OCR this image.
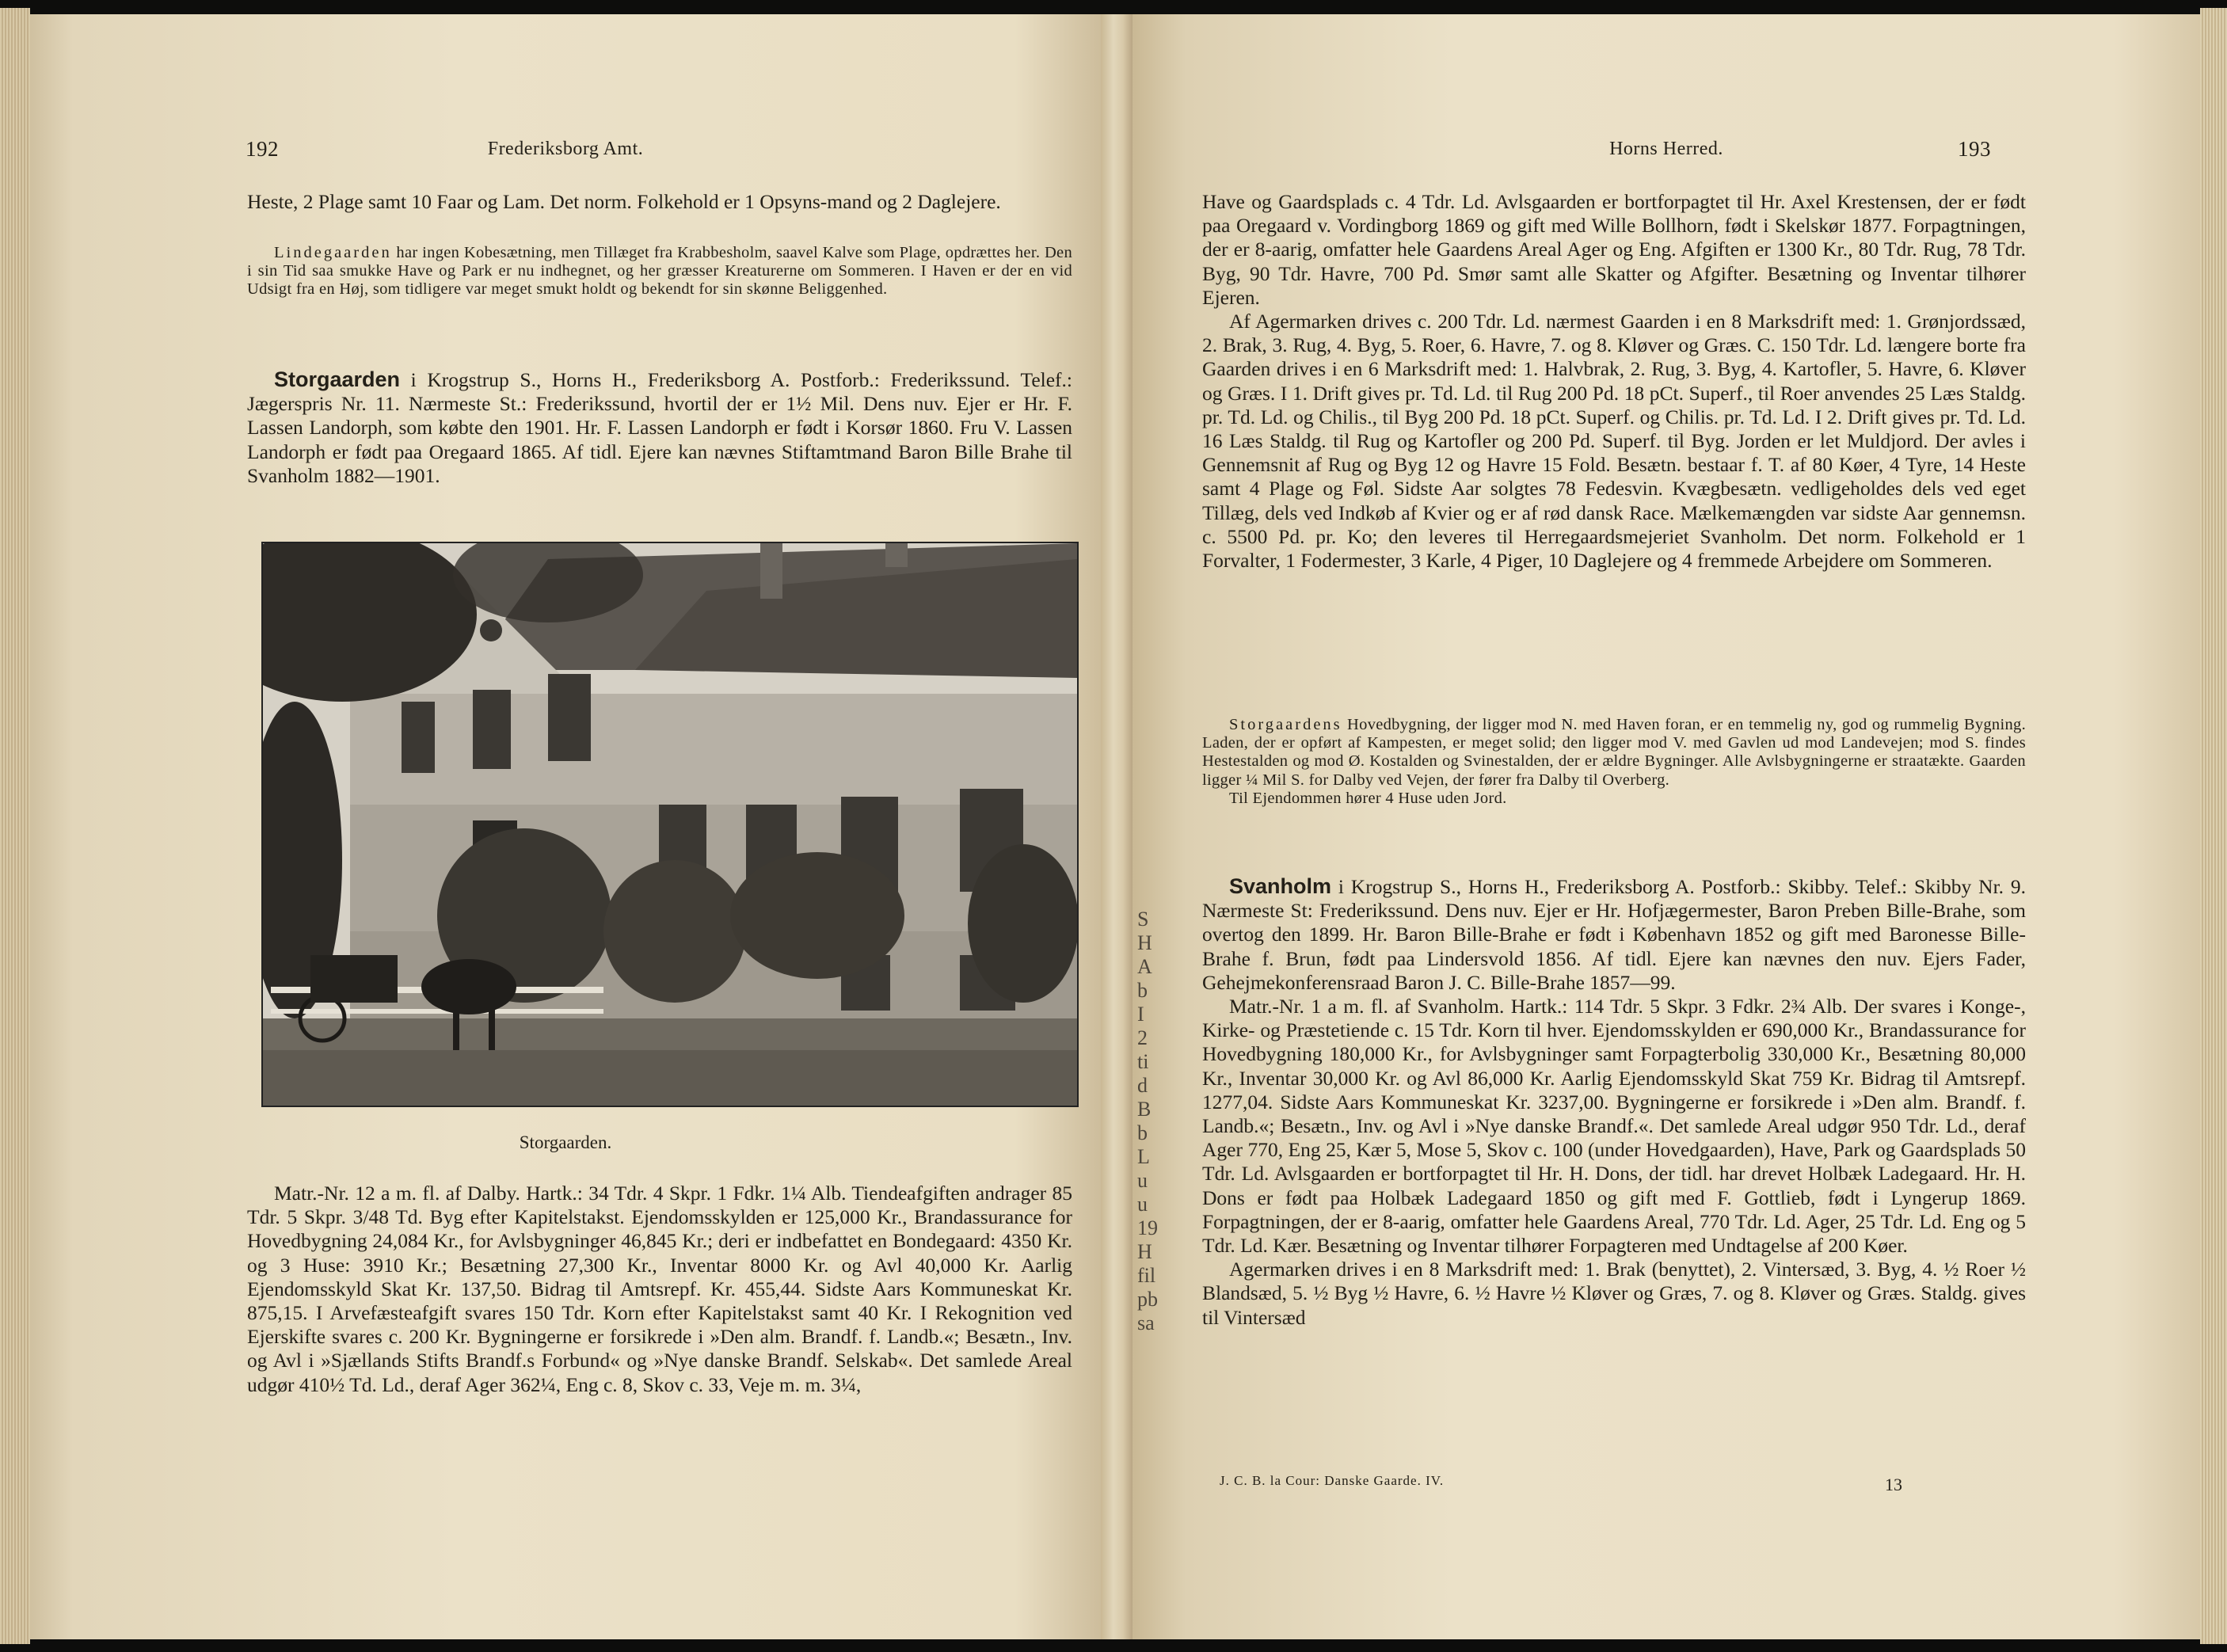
192	Frederiksborg Amt.

Heste, 2 Plage samt 10 Faar og Lam. Det norm. Folkehold er 1 Opsyns-mand og 2 Daglejere.

Lindegaarden har ingen Kobesætning, men Tillæget fra Krabbesholm, saavel Kalve som Plage, opdrættes her. Den i sin Tid saa smukke Have og Park er nu indhegnet, og her græsser Kreaturerne om Sommeren. I Haven er der en vid Udsigt fra en Høj, som tidligere var meget smukt holdt og bekendt for sin skønne Beliggenhed.

Storgaarden i Krogstrup S., Horns H., Frederiksborg A. Postforb.: Frederikssund. Telef.: Jægerspris Nr. 11. Nærmeste St.: Frederikssund, hvortil der er 1½ Mil. Dens nuv. Ejer er Hr. F. Lassen Landorph, som købte den 1901. Hr. F. Lassen Landorph er født i Korsør 1860. Fru V. Lassen Landorph er født paa Oregaard 1865. Af tidl. Ejere kan nævnes Stiftamtmand Baron Bille Brahe til Svanholm 1882—1901.

Storgaarden.

Matr.-Nr. 12 a m. fl. af Dalby. Hartk.: 34 Tdr. 4 Skpr. 1 Fdkr. 1¼ Alb. Tiendeafgiften andrager 85 Tdr. 5 Skpr. 3/48 Td. Byg efter Kapitelstakst. Ejendomsskylden er 125,000 Kr., Brandassurance for Hovedbygning 24,084 Kr., for Avlsbygninger 46,845 Kr.; deri er indbefattet en Bondegaard: 4350 Kr. og 3 Huse: 3910 Kr.; Besætning 27,300 Kr., Inventar 8000 Kr. og Avl 40,000 Kr. Aarlig Ejendomsskyld Skat Kr. 137,50. Bidrag til Amtsrepf. Kr. 455,44. Sidste Aars Kommuneskat Kr. 875,15. I Arvefæsteafgift svares 150 Tdr. Korn efter Kapitelstakst samt 40 Kr. I Rekognition ved Ejerskifte svares c. 200 Kr. Bygningerne er forsikrede i »Den alm. Brandf. f. Landb.«; Besætn., Inv. og Avl i »Sjællands Stifts Brandf.s Forbund« og »Nye danske Brandf. Selskab«. Det samlede Areal udgør 410½ Td. Ld., deraf Ager 362¼, Eng c. 8, Skov c. 33, Veje m. m. 3¼,

S
H
A
b
I
2
ti
d
B
b
L
u
u
19
H
fil
pb
sa
Horns Herred.	193

Have og Gaardsplads c. 4 Tdr. Ld. Avlsgaarden er bortforpagtet til Hr. Axel Krestensen, der er født paa Oregaard v. Vordingborg 1869 og gift med Wille Bollhorn, født i Skelskør 1877. Forpagtningen, der er 8-aarig, omfatter hele Gaardens Areal Ager og Eng. Afgiften er 1300 Kr., 80 Tdr. Rug, 78 Tdr. Byg, 90 Tdr. Havre, 700 Pd. Smør samt alle Skatter og Afgifter. Besætning og Inventar tilhører Ejeren.

Af Agermarken drives c. 200 Tdr. Ld. nærmest Gaarden i en 8 Marksdrift med: 1. Grønjordssæd, 2. Brak, 3. Rug, 4. Byg, 5. Roer, 6. Havre, 7. og 8. Kløver og Græs. C. 150 Tdr. Ld. længere borte fra Gaarden drives i en 6 Marksdrift med: 1. Halvbrak, 2. Rug, 3. Byg, 4. Kartofler, 5. Havre, 6. Kløver og Græs. I 1. Drift gives pr. Td. Ld. til Rug 200 Pd. 18 pCt. Superf., til Roer anvendes 25 Læs Staldg. pr. Td. Ld. og Chilis., til Byg 200 Pd. 18 pCt. Superf. og Chilis. pr. Td. Ld. I 2. Drift gives pr. Td. Ld. 16 Læs Staldg. til Rug og Kartofler og 200 Pd. Superf. til Byg. Jorden er let Muldjord. Der avles i Gennemsnit af Rug og Byg 12 og Havre 15 Fold. Besætn. bestaar f. T. af 80 Køer, 4 Tyre, 14 Heste samt 4 Plage og Føl. Sidste Aar solgtes 78 Fedesvin. Kvægbesætn. vedligeholdes dels ved eget Tillæg, dels ved Indkøb af Kvier og er af rød dansk Race. Mælkemængden var sidste Aar gennemsn. c. 5500 Pd. pr. Ko; den leveres til Herregaardsmejeriet Svanholm. Det norm. Folkehold er 1 Forvalter, 1 Fodermester, 3 Karle, 4 Piger, 10 Daglejere og 4 fremmede Arbejdere om Sommeren.

Storgaardens Hovedbygning, der ligger mod N. med Haven foran, er en temmelig ny, god og rummelig Bygning. Laden, der er opført af Kampesten, er meget solid; den ligger mod V. med Gavlen ud mod Landevejen; mod S. findes Hestestalden og mod Ø. Kostalden og Svinestalden, der er ældre Bygninger. Alle Avlsbygningerne er straatækte. Gaarden ligger ¼ Mil S. for Dalby ved Vejen, der fører fra Dalby til Overberg.

Til Ejendommen hører 4 Huse uden Jord.

Svanholm i Krogstrup S., Horns H., Frederiksborg A. Postforb.: Skibby. Telef.: Skibby Nr. 9. Nærmeste St: Frederikssund. Dens nuv. Ejer er Hr. Hofjægermester, Baron Preben Bille-Brahe, som overtog den 1899. Hr. Baron Bille-Brahe er født i København 1852 og gift med Baronesse Bille-Brahe f. Brun, født paa Lindersvold 1856. Af tidl. Ejere kan nævnes den nuv. Ejers Fader, Gehejmekonferensraad Baron J. C. Bille-Brahe 1857—99.

Matr.-Nr. 1 a m. fl. af Svanholm. Hartk.: 114 Tdr. 5 Skpr. 3 Fdkr. 2¾ Alb. Der svares i Konge-, Kirke- og Præstetiende c. 15 Tdr. Korn til hver. Ejendomsskylden er 690,000 Kr., Brandassurance for Hovedbygning 180,000 Kr., for Avlsbygninger samt Forpagterbolig 330,000 Kr., Besætning 80,000 Kr., Inventar 30,000 Kr. og Avl 86,000 Kr. Aarlig Ejendomsskyld Skat 759 Kr. Bidrag til Amtsrepf. 1277,04. Sidste Aars Kommuneskat Kr. 3237,00. Bygningerne er forsikrede i »Den alm. Brandf. f. Landb.«; Besætn., Inv. og Avl i »Nye danske Brandf.«. Det samlede Areal udgør 950 Tdr. Ld., deraf Ager 770, Eng 25, Kær 5, Mose 5, Skov c. 100 (under Hovedgaarden), Have, Park og Gaardsplads 50 Tdr. Ld. Avlsgaarden er bortforpagtet til Hr. H. Dons, der tidl. har drevet Holbæk Ladegaard. Hr. H. Dons er født paa Holbæk Ladegaard 1850 og gift med F. Gottlieb, født i Lyngerup 1869. Forpagtningen, der er 8-aarig, omfatter hele Gaardens Areal, 770 Tdr. Ld. Ager, 25 Tdr. Ld. Eng og 5 Tdr. Ld. Kær. Besætning og Inventar tilhører Forpagteren med Undtagelse af 200 Køer.

Agermarken drives i en 8 Marksdrift med: 1. Brak (benyttet), 2. Vintersæd, 3. Byg, 4. ½ Roer ½ Blandsæd, 5. ½ Byg ½ Havre, 6. ½ Havre ½ Kløver og Græs, 7. og 8. Kløver og Græs. Staldg. gives til Vintersæd

J. C. B. la Cour: Danske Gaarde. IV.	13
